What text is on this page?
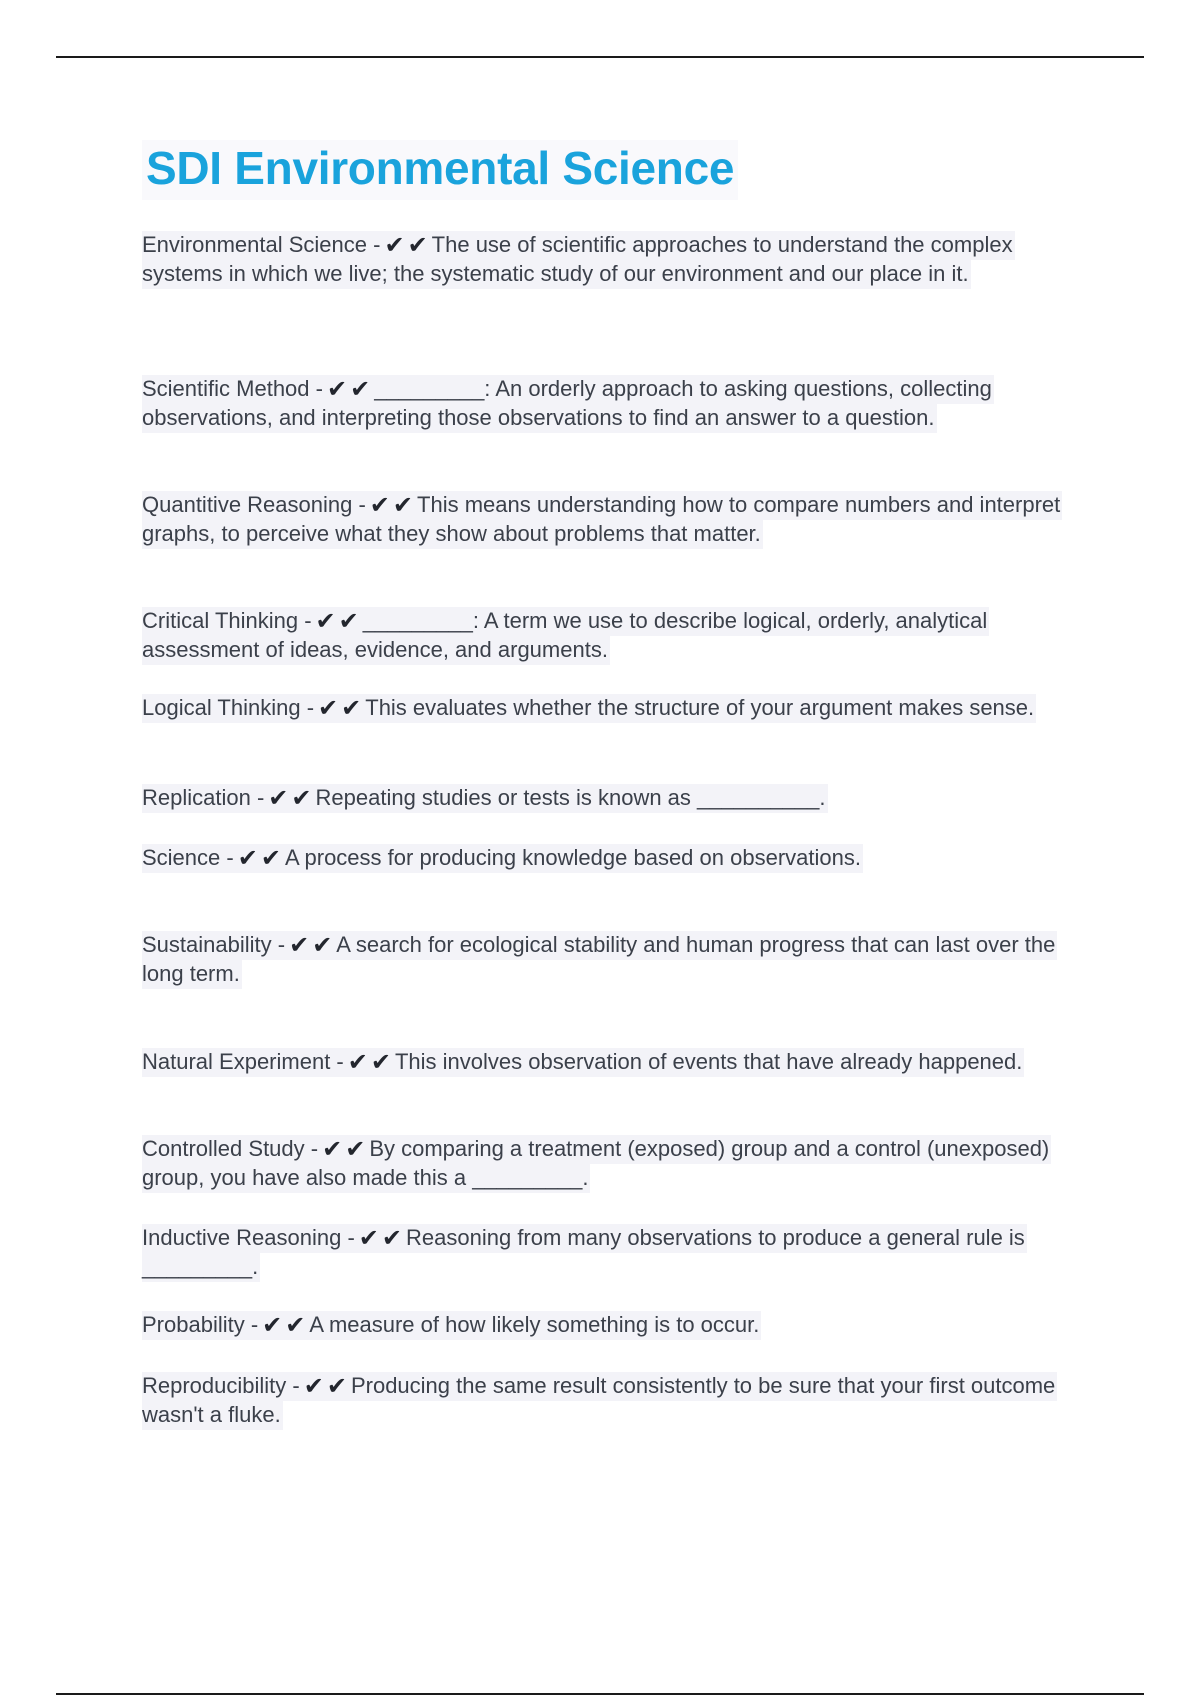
SDI Environmental Science

Environmental Science - ✔︎✔︎The use of scientific approaches to understand the complex systems in which we live; the systematic study of our environment and our place in it.

Scientific Method - ✔︎✔︎_________: An orderly approach to asking questions, collecting observations, and interpreting those observations to find an answer to a question.

Quantitive Reasoning - ✔︎✔︎This means understanding how to compare numbers and interpret graphs, to perceive what they show about problems that matter.

Critical Thinking - ✔︎✔︎_________: A term we use to describe logical, orderly, analytical assessment of ideas, evidence, and arguments.

Logical Thinking - ✔︎✔︎This evaluates whether the structure of your argument makes sense.

Replication - ✔︎✔︎Repeating studies or tests is known as __________.

Science - ✔︎✔︎A process for producing knowledge based on observations.

Sustainability - ✔︎✔︎A search for ecological stability and human progress that can last over the long term.

Natural Experiment - ✔︎✔︎This involves observation of events that have already happened.

Controlled Study - ✔︎✔︎By comparing a treatment (exposed) group and a control (unexposed) group, you have also made this a _________.

Inductive Reasoning - ✔︎✔︎Reasoning from many observations to produce a general rule is _________.

Probability - ✔︎✔︎A measure of how likely something is to occur.

Reproducibility - ✔︎✔︎Producing the same result consistently to be sure that your first outcome wasn't a fluke.
